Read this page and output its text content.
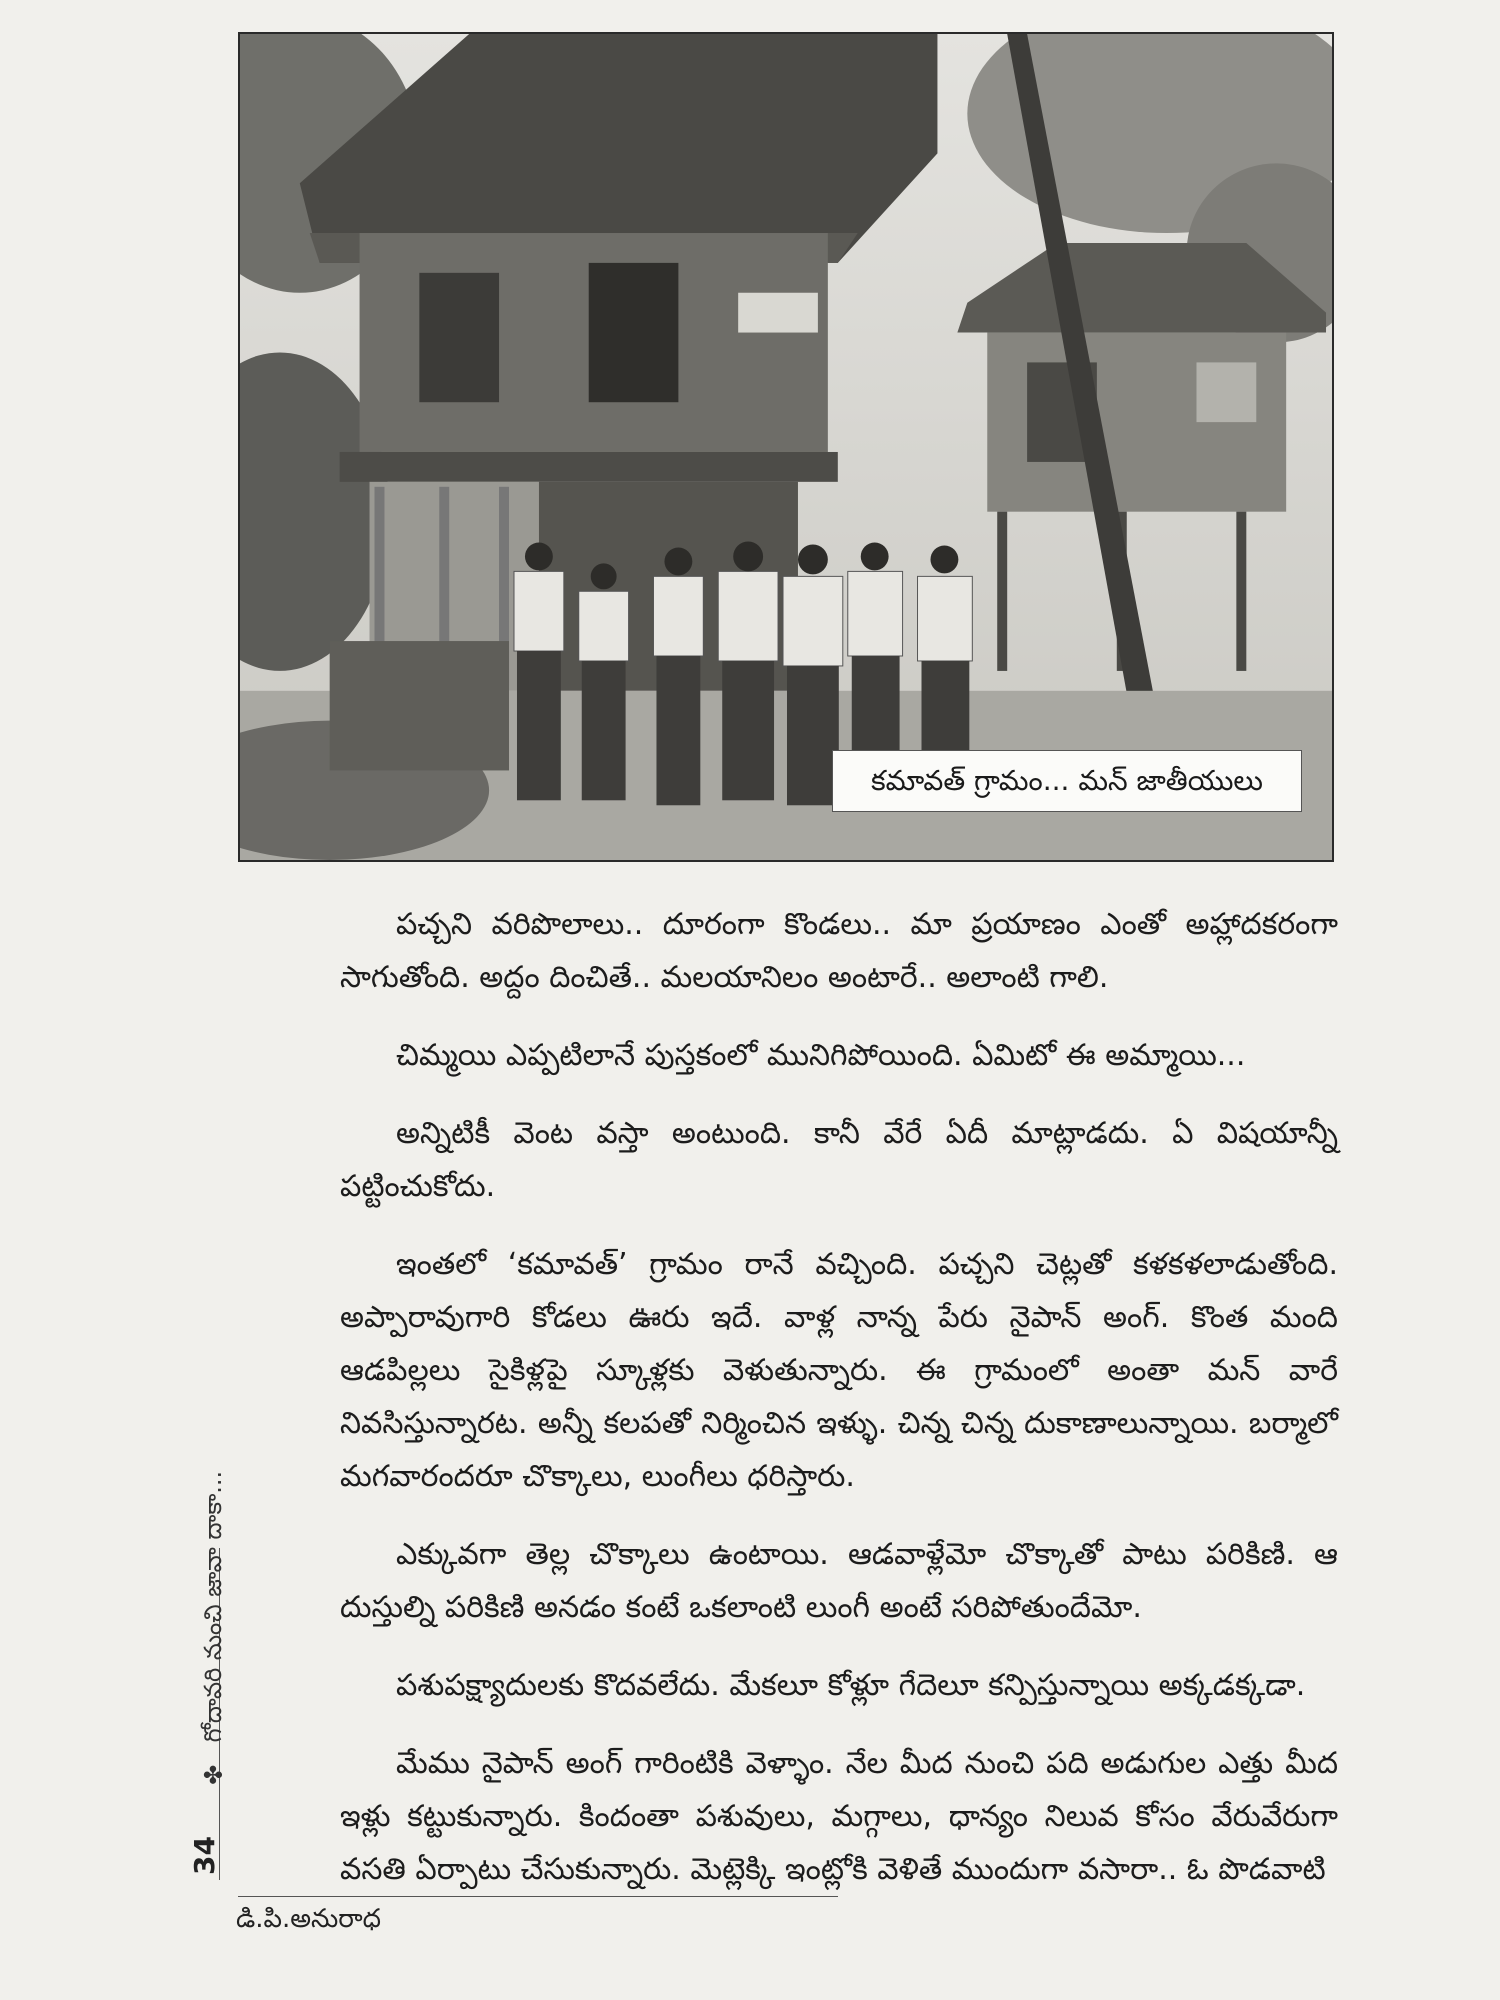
కమావత్ గ్రామం... మన్ జాతీయులు

పచ్చని వరిపొలాలు.. దూరంగా కొండలు.. మా ప్రయాణం ఎంతో అహ్లాదకరంగా సాగుతోంది. అద్దం దించితే.. మలయానిలం అంటారే.. అలాంటి గాలి.

చిమ్మయి ఎప్పటిలానే పుస్తకంలో మునిగిపోయింది. ఏమిటో ఈ అమ్మాయి...

అన్నిటికీ వెంట వస్తా అంటుంది. కానీ వేరే ఏదీ మాట్లాడదు. ఏ విషయాన్నీ పట్టించుకోదు.

ఇంతలో ‘కమావత్’ గ్రామం రానే వచ్చింది. పచ్చని చెట్లతో కళకళలాడుతోంది. అప్పారావుగారి కోడలు ఊరు ఇదే. వాళ్ల నాన్న పేరు నైపాన్ అంగ్. కొంత మంది ఆడపిల్లలు సైకిళ్లపై స్కూళ్లకు వెళుతున్నారు. ఈ గ్రామంలో అంతా మన్ వారే నివసిస్తున్నారట. అన్నీ కలపతో నిర్మించిన ఇళ్ళు. చిన్న చిన్న దుకాణాలున్నాయి. బర్మాలో మగవారందరూ చొక్కాలు, లుంగీలు ధరిస్తారు.

ఎక్కువగా తెల్ల చొక్కాలు ఉంటాయి. ఆడవాళ్లేమో చొక్కాతో పాటు పరికిణి. ఆ దుస్తుల్ని పరికిణి అనడం కంటే ఒకలాంటి లుంగీ అంటే సరిపోతుందేమో.

పశుపక్ష్యాదులకు కొదవలేదు. మేకలూ కోళ్లూ గేదెలూ కన్పిస్తున్నాయి అక్కడక్కడా.

మేము నైపాన్ అంగ్ గారింటికి వెళ్ళాం. నేల మీద నుంచి పది అడుగుల ఎత్తు మీద ఇళ్లు కట్టుకున్నారు. కిందంతా పశువులు, మగ్గాలు, ధాన్యం నిలువ కోసం వేరువేరుగా వసతి ఏర్పాటు చేసుకున్నారు. మెట్లెక్కి ఇంట్లోకి వెళితే ముందుగా వసారా.. ఓ పొడవాటి

✤ గోదావరి నుంచి జావా దాకా...
34
డి.పి.అనురాధ
